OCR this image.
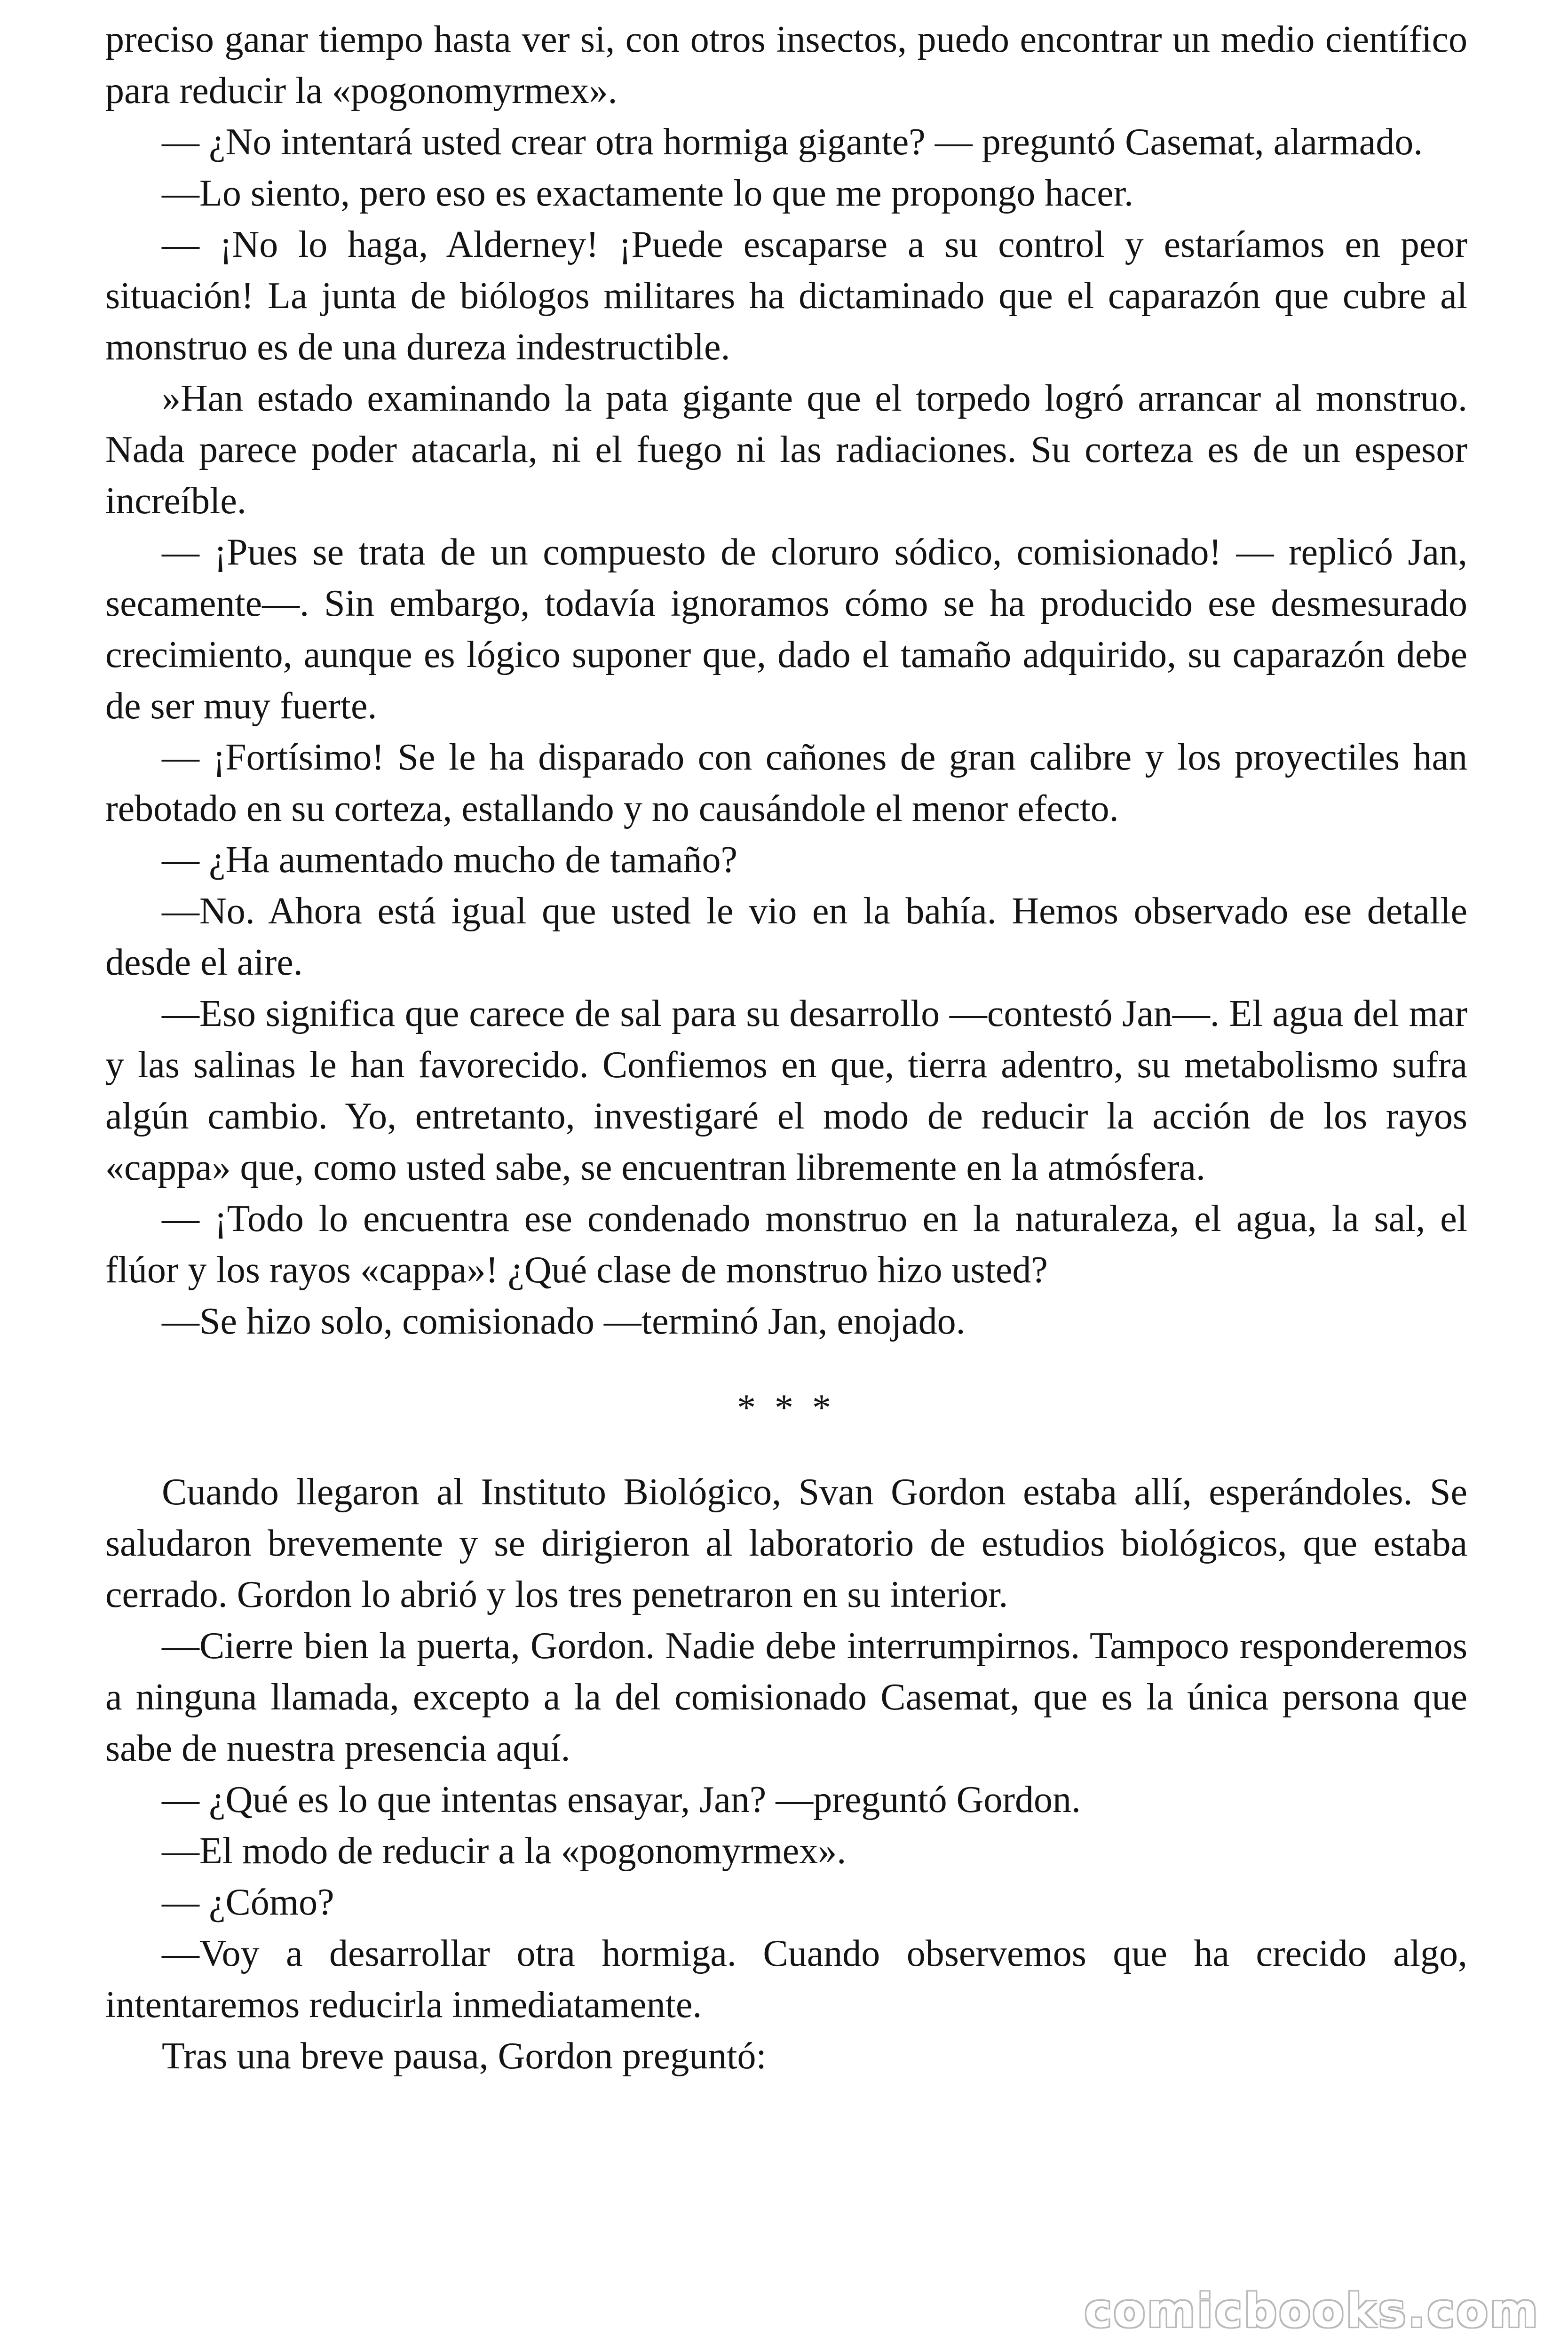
preciso ganar tiempo hasta ver si, con otros insectos, puedo encontrar un medio científico para reducir la «pogonomyrmex».

— ¿No intentará usted crear otra hormiga gigante? — preguntó Casemat, alarmado.

—Lo siento, pero eso es exactamente lo que me propongo hacer.

— ¡No lo haga, Alderney! ¡Puede escaparse a su control y estaríamos en peor situación! La junta de biólogos militares ha dictaminado que el caparazón que cubre al monstruo es de una dureza indestructible.

»Han estado examinando la pata gigante que el torpedo logró arrancar al monstruo. Nada parece poder atacarla, ni el fuego ni las radiaciones. Su corteza es de un espesor increíble.

— ¡Pues se trata de un compuesto de cloruro sódico, comisionado! — replicó Jan, secamente—. Sin embargo, todavía ignoramos cómo se ha producido ese desmesurado crecimiento, aunque es lógico suponer que, dado el tamaño adquirido, su caparazón debe de ser muy fuerte.

— ¡Fortísimo! Se le ha disparado con cañones de gran calibre y los proyectiles han rebotado en su corteza, estallando y no causándole el menor efecto.

— ¿Ha aumentado mucho de tamaño?

—No. Ahora está igual que usted le vio en la bahía. Hemos observado ese detalle desde el aire.

—Eso significa que carece de sal para su desarrollo —contestó Jan—. El agua del mar y las salinas le han favorecido. Confiemos en que, tierra adentro, su metabolismo sufra algún cambio. Yo, entretanto, investigaré el modo de reducir la acción de los rayos «cappa» que, como usted sabe, se encuentran libremente en la atmósfera.

— ¡Todo lo encuentra ese condenado monstruo en la naturaleza, el agua, la sal, el flúor y los rayos «cappa»! ¿Qué clase de monstruo hizo usted?

—Se hizo solo, comisionado —terminó Jan, enojado.

* * *

Cuando llegaron al Instituto Biológico, Svan Gordon estaba allí, esperándoles. Se saludaron brevemente y se dirigieron al laboratorio de estudios biológicos, que estaba cerrado. Gordon lo abrió y los tres penetraron en su interior.

—Cierre bien la puerta, Gordon. Nadie debe interrumpirnos. Tampoco responderemos a ninguna llamada, excepto a la del comisionado Casemat, que es la única persona que sabe de nuestra presencia aquí.

— ¿Qué es lo que intentas ensayar, Jan? —preguntó Gordon.

—El modo de reducir a la «pogonomyrmex».

— ¿Cómo?

—Voy a desarrollar otra hormiga. Cuando observemos que ha crecido algo, intentaremos reducirla inmediatamente.

Tras una breve pausa, Gordon preguntó:

comicbooks.com
